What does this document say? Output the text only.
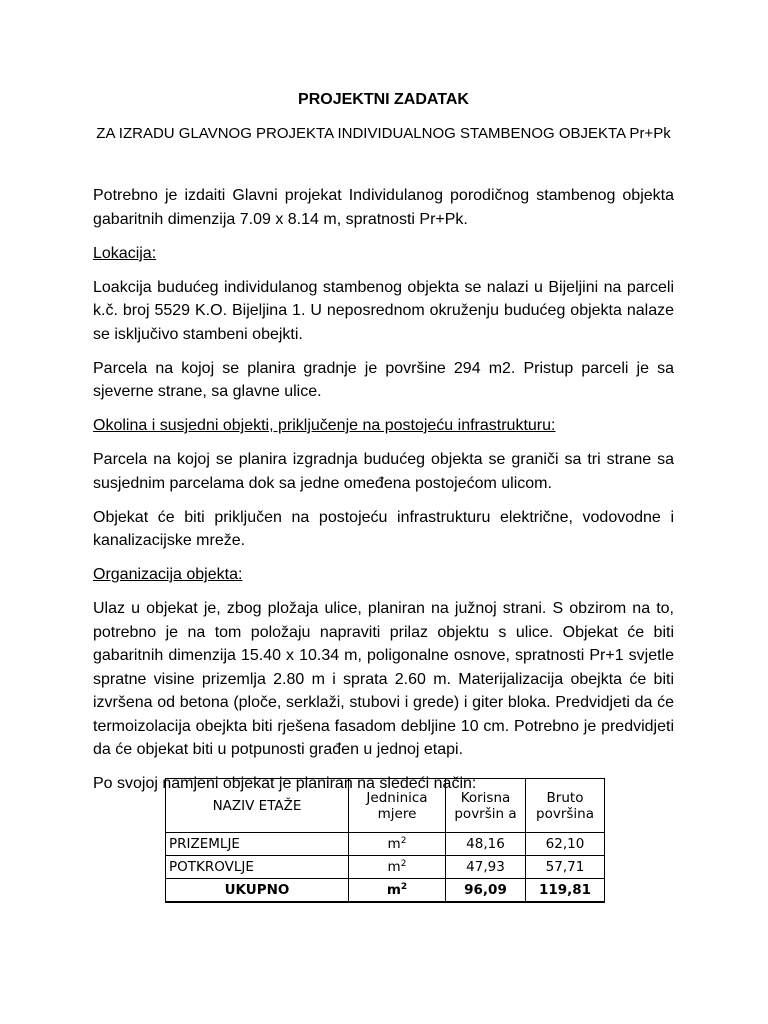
PROJEKTNI ZADATAK
ZA IZRADU GLAVNOG PROJEKTA INDIVIDUALNOG STAMBENOG OBJEKTA Pr+Pk

Potrebno je izdaiti Glavni projekat Individulanog porodičnog stambenog objekta gabaritnih dimenzija 7.09 x 8.14 m, spratnosti Pr+Pk.

Lokacija:

Loakcija budućeg individulanog stambenog objekta se nalazi u Bijeljini na parceli k.č. broj 5529 K.O. Bijeljina 1. U neposrednom okruženju budućeg objekta nalaze se isključivo stambeni obejkti.

Parcela na kojoj se planira gradnje je površine 294 m2. Pristup parceli je sa sjeverne strane, sa glavne ulice.

Okolina i susjedni objekti, priključenje na postojeću infrastrukturu:

Parcela na kojoj se planira izgradnja budućeg objekta se graniči sa tri strane sa susjednim parcelama dok sa jedne omeđena postojećom ulicom.

Objekat će biti priključen na postojeću infrastrukturu električne, vodovodne i kanalizacijske mreže.

Organizacija objekta:

Ulaz u objekat je, zbog pložaja ulice, planiran na južnoj strani. S obzirom na to, potrebno je na tom položaju napraviti prilaz objektu s ulice. Objekat će biti gabaritnih dimenzija 15.40 x 10.34 m, poligonalne osnove, spratnosti Pr+1 svjetle spratne visine prizemlja 2.80 m i sprata 2.60 m. Materijalizacija obejkta će biti izvršena od betona (ploče, serklaži, stubovi i grede) i giter bloka. Predvidjeti da će termoizolacija obejkta biti rješena fasadom debljine 10 cm. Potrebno je predvidjeti da će objekat biti u potpunosti građen u jednoj etapi.

Po svojoj namjeni objekat je planiran na sledeći način:

NAZIV ETAŽE	Jedninica mjere	Korisna površin a	Bruto površina
PRIZEMLJE	$m^2$	48,16	62,10
POTKROVLJE	$m^2$	47,93	57,71
UKUPNO	$m^2$	96,09	119,81
